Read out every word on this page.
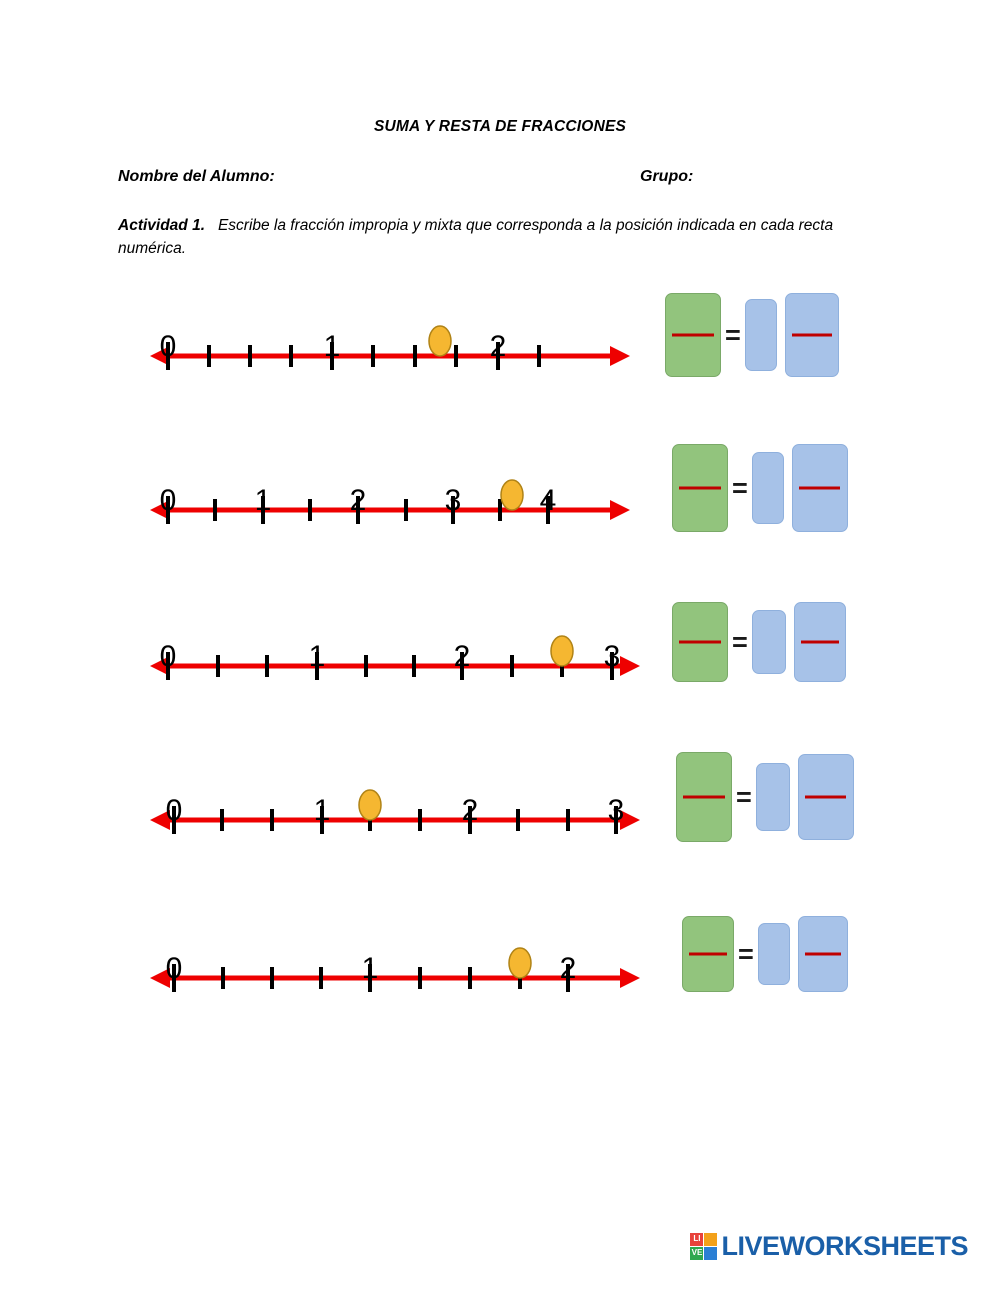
SUMA Y RESTA DE FRACCIONES
Nombre del Alumno:	Grupo:
Actividad 1. Escribe la fracción impropia y mixta que corresponda a la posición indicada en cada recta numérica.
0	1	2	=
0	1	2	3	4	=
0	1	2	3	=
0	1	2	3	=
0	1	2	=
LI
VE LIVEWORKSHEETS
